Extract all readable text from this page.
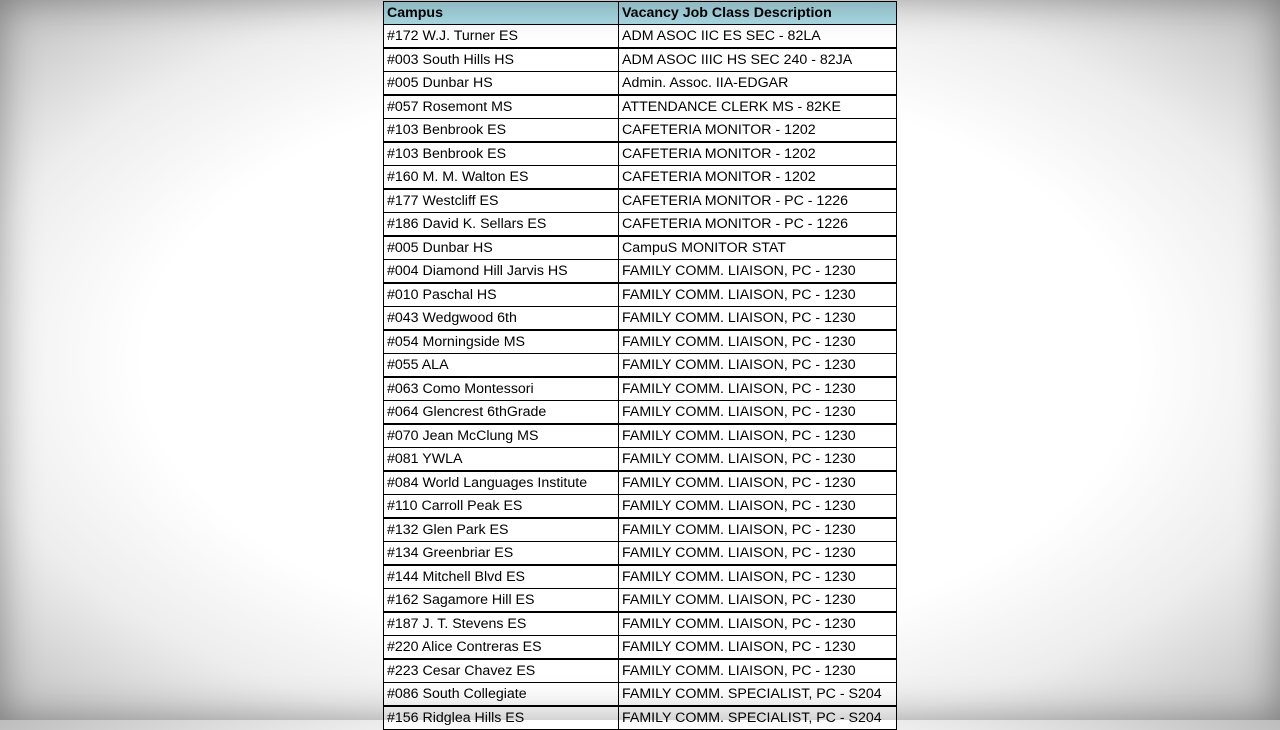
Campus	Vacancy Job Class Description
#172 W.J. Turner ES	ADM ASOC IIC ES SEC - 82LA
#003 South Hills HS	ADM ASOC IIIC HS SEC 240 - 82JA
#005 Dunbar HS	Admin. Assoc. IIA-EDGAR
#057 Rosemont MS	ATTENDANCE CLERK MS - 82KE
#103 Benbrook ES	CAFETERIA MONITOR - 1202
#103 Benbrook ES	CAFETERIA MONITOR - 1202
#160 M. M. Walton ES	CAFETERIA MONITOR - 1202
#177 Westcliff ES	CAFETERIA MONITOR - PC - 1226
#186 David K. Sellars ES	CAFETERIA MONITOR - PC - 1226
#005 Dunbar HS	CampuS MONITOR STAT
#004 Diamond Hill Jarvis HS	FAMILY COMM. LIAISON, PC - 1230
#010 Paschal HS	FAMILY COMM. LIAISON, PC - 1230
#043 Wedgwood 6th	FAMILY COMM. LIAISON, PC - 1230
#054 Morningside MS	FAMILY COMM. LIAISON, PC - 1230
#055 ALA	FAMILY COMM. LIAISON, PC - 1230
#063 Como Montessori	FAMILY COMM. LIAISON, PC - 1230
#064 Glencrest 6thGrade	FAMILY COMM. LIAISON, PC - 1230
#070 Jean McClung MS	FAMILY COMM. LIAISON, PC - 1230
#081 YWLA	FAMILY COMM. LIAISON, PC - 1230
#084 World Languages Institute	FAMILY COMM. LIAISON, PC - 1230
#110 Carroll Peak ES	FAMILY COMM. LIAISON, PC - 1230
#132 Glen Park ES	FAMILY COMM. LIAISON, PC - 1230
#134 Greenbriar ES	FAMILY COMM. LIAISON, PC - 1230
#144 Mitchell Blvd ES	FAMILY COMM. LIAISON, PC - 1230
#162 Sagamore Hill ES	FAMILY COMM. LIAISON, PC - 1230
#187 J. T. Stevens ES	FAMILY COMM. LIAISON, PC - 1230
#220 Alice Contreras ES	FAMILY COMM. LIAISON, PC - 1230
#223 Cesar Chavez ES	FAMILY COMM. LIAISON, PC - 1230
#086 South Collegiate	FAMILY COMM. SPECIALIST, PC - S204
#156 Ridglea Hills ES	FAMILY COMM. SPECIALIST, PC - S204
